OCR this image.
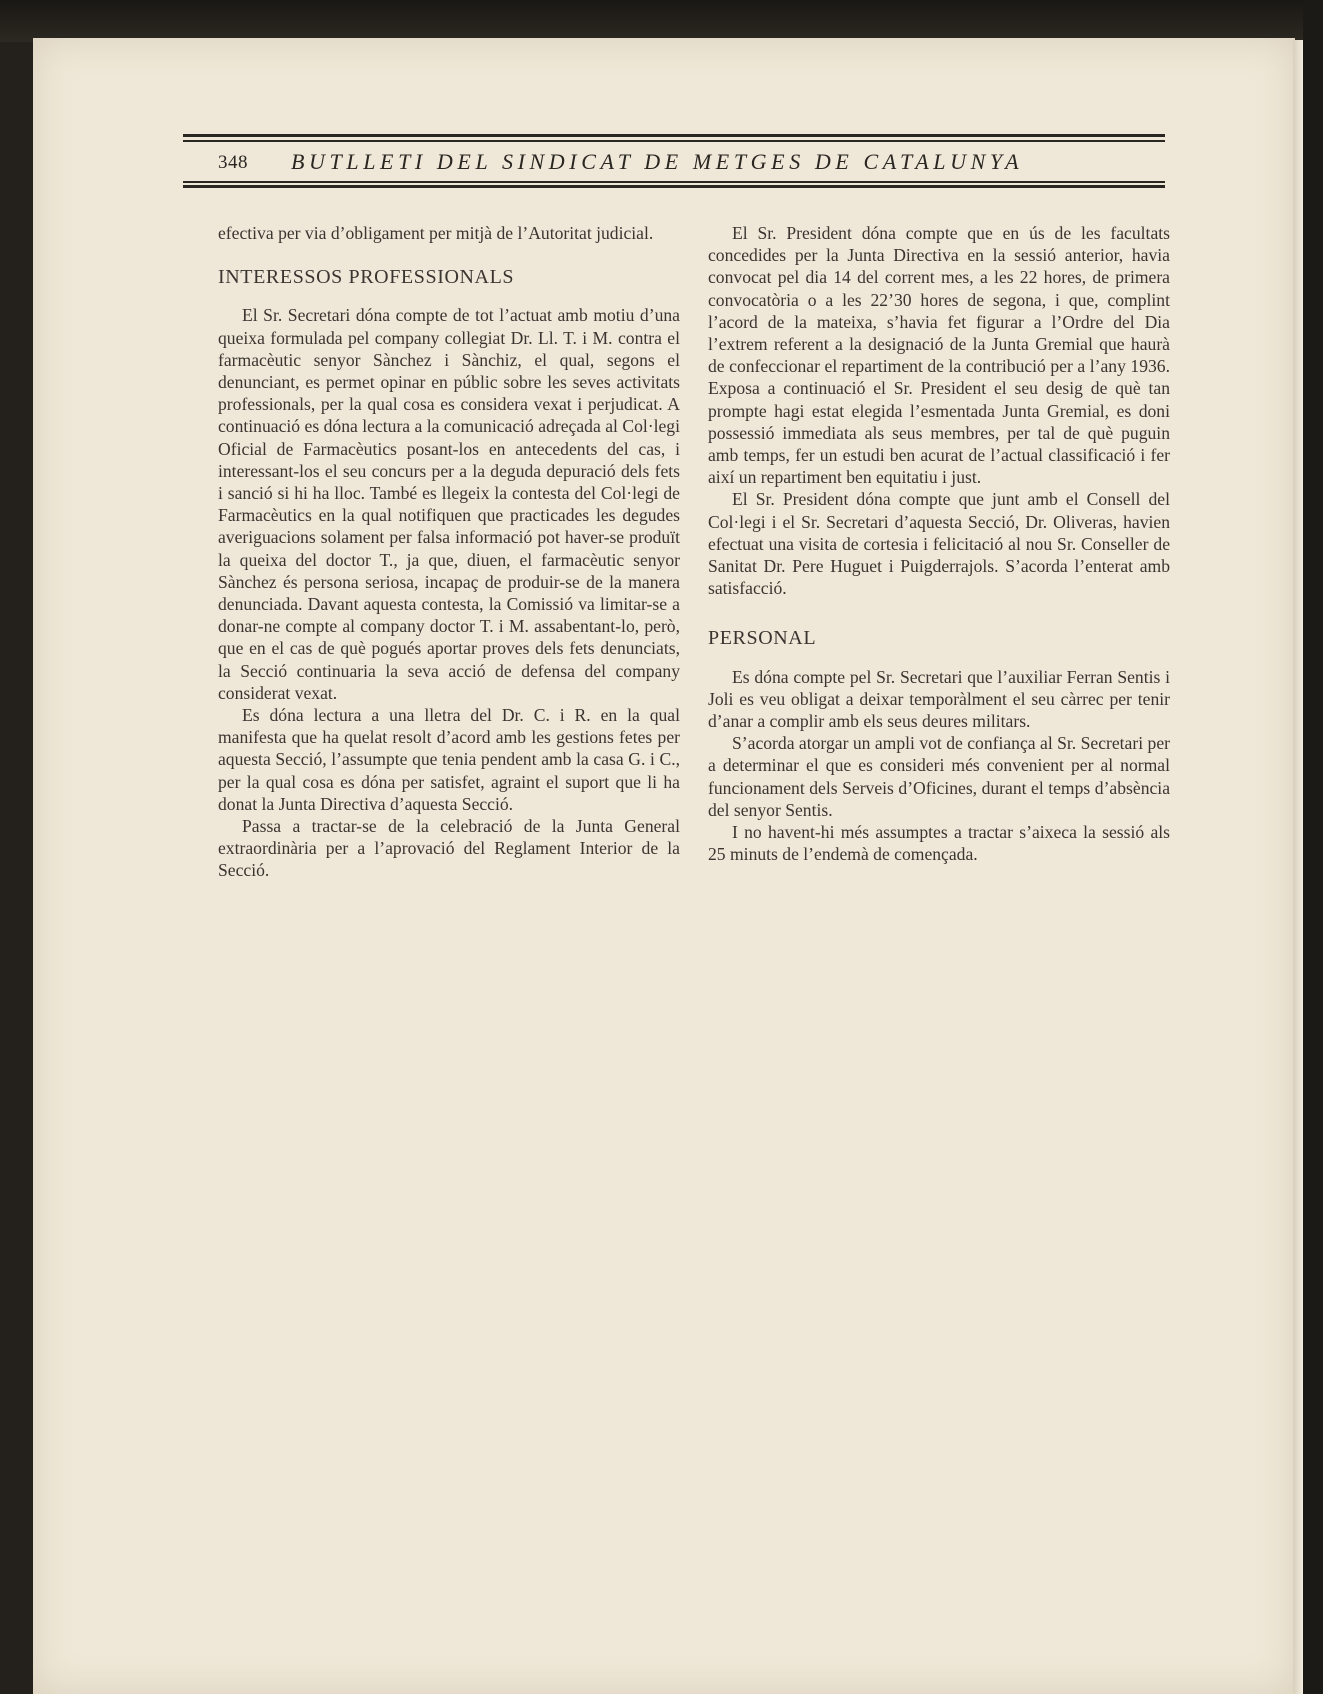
348 BUTLLETI DEL SINDICAT DE METGES DE CATALUNYA

efectiva per via d’obligament per mitjà de l’Autoritat judicial.

INTERESSOS PROFESSIONALS

El Sr. Secretari dóna compte de tot l’actuat amb motiu d’una queixa formulada pel company collegiat Dr. Ll. T. i M. contra el farmacèutic senyor Sànchez i Sànchiz, el qual, segons el denunciant, es permet opinar en públic sobre les seves activitats professionals, per la qual cosa es considera vexat i perjudicat. A continuació es dóna lectura a la comunicació adreçada al Col·legi Oficial de Farmacèutics posant-los en antecedents del cas, i interessant-los el seu concurs per a la deguda depuració dels fets i sanció si hi ha lloc. També es llegeix la contesta del Col·legi de Farmacèutics en la qual notifiquen que practicades les degudes averiguacions solament per falsa informació pot haver-se produït la queixa del doctor T., ja que, diuen, el farmacèutic senyor Sànchez és persona seriosa, incapaç de produir-se de la manera denunciada. Davant aquesta contesta, la Comissió va limitar-se a donar-ne compte al company doctor T. i M. assabentant-lo, però, que en el cas de què pogués aportar proves dels fets denunciats, la Secció continuaria la seva acció de defensa del company considerat vexat.

Es dóna lectura a una lletra del Dr. C. i R. en la qual manifesta que ha quelat resolt d’acord amb les gestions fetes per aquesta Secció, l’assumpte que tenia pendent amb la casa G. i C., per la qual cosa es dóna per satisfet, agraint el suport que li ha donat la Junta Directiva d’aquesta Secció.

Passa a tractar-se de la celebració de la Junta General extraordinària per a l’aprovació del Reglament Interior de la Secció.

El Sr. President dóna compte que en ús de les facultats concedides per la Junta Directiva en la sessió anterior, havia convocat pel dia 14 del corrent mes, a les 22 hores, de primera convocatòria o a les 22’30 hores de segona, i que, complint l’acord de la mateixa, s’havia fet figurar a l’Ordre del Dia l’extrem referent a la designació de la Junta Gremial que haurà de confeccionar el repartiment de la contribució per a l’any 1936. Exposa a continuació el Sr. President el seu desig de què tan prompte hagi estat elegida l’esmentada Junta Gremial, es doni possessió immediata als seus membres, per tal de què puguin amb temps, fer un estudi ben acurat de l’actual classificació i fer així un repartiment ben equitatiu i just.

El Sr. President dóna compte que junt amb el Consell del Col·legi i el Sr. Secretari d’aquesta Secció, Dr. Oliveras, havien efectuat una visita de cortesia i felicitació al nou Sr. Conseller de Sanitat Dr. Pere Huguet i Puigderrajols. S’acorda l’enterat amb satisfacció.

PERSONAL

Es dóna compte pel Sr. Secretari que l’auxiliar Ferran Sentis i Joli es veu obligat a deixar temporàlment el seu càrrec per tenir d’anar a complir amb els seus deures militars.

S’acorda atorgar un ampli vot de confiança al Sr. Secretari per a determinar el que es consideri més convenient per al normal funcionament dels Serveis d’Oficines, durant el temps d’absència del senyor Sentis.

I no havent-hi més assumptes a tractar s’aixeca la sessió als 25 minuts de l’endemà de començada.
